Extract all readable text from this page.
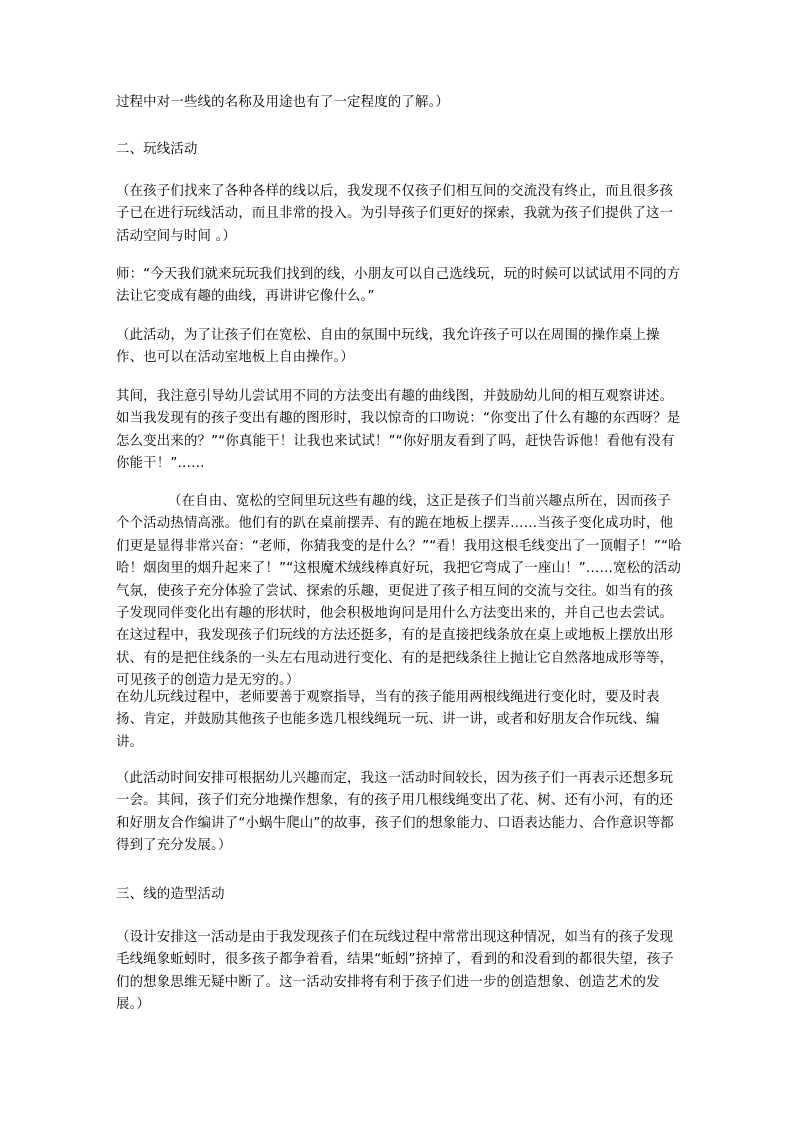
过程中对一些线的名称及用途也有了一定程度的了解。）

二、玩线活动

（在孩子们找来了各种各样的线以后，我发现不仅孩子们相互间的交流没有终止，而且很多孩子已在进行玩线活动，而且非常的投入。为引导孩子们更好的探索，我就为孩子们提供了这一活动空间与时间 。）

师：“今天我们就来玩玩我们找到的线，小朋友可以自己选线玩，玩的时候可以试试用不同的方法让它变成有趣的曲线，再讲讲它像什么。”

（此活动，为了让孩子们在宽松、自由的氛围中玩线，我允许孩子可以在周围的操作桌上操作、也可以在活动室地板上自由操作。）

其间，我注意引导幼儿尝试用不同的方法变出有趣的曲线图，并鼓励幼儿间的相互观察讲述。如当我发现有的孩子变出有趣的图形时，我以惊奇的口吻说：“你变出了什么有趣的东西呀？是怎么变出来的？”“你真能干！让我也来试试！”“你好朋友看到了吗，赶快告诉他！看他有没有你能干！”……

（在自由、宽松的空间里玩这些有趣的线，这正是孩子们当前兴趣点所在，因而孩子个个活动热情高涨。他们有的趴在桌前摆弄、有的跪在地板上摆弄……当孩子变化成功时，他们更是显得非常兴奋：“老师，你猜我变的是什么？”“看！我用这根毛线变出了一顶帽子！”“哈哈！烟囱里的烟升起来了！”“这根魔术绒线棒真好玩，我把它弯成了一座山！”……宽松的活动气氛，使孩子充分体验了尝试、探索的乐趣，更促进了孩子相互间的交流与交往。如当有的孩子发现同伴变化出有趣的形状时，他会积极地询问是用什么方法变出来的，并自己也去尝试。在这过程中，我发现孩子们玩线的方法还挺多，有的是直接把线条放在桌上或地板上摆放出形状、有的是把住线条的一头左右甩动进行变化、有的是把线条往上抛让它自然落地成形等等，可见孩子的创造力是无穷的。）

在幼儿玩线过程中，老师要善于观察指导，当有的孩子能用两根线绳进行变化时，要及时表扬、肯定，并鼓励其他孩子也能多选几根线绳玩一玩、讲一讲，或者和好朋友合作玩线、编讲。

（此活动时间安排可根据幼儿兴趣而定，我这一活动时间较长，因为孩子们一再表示还想多玩一会。其间，孩子们充分地操作想象，有的孩子用几根线绳变出了花、树、还有小河，有的还和好朋友合作编讲了“小蜗牛爬山”的故事，孩子们的想象能力、口语表达能力、合作意识等都得到了充分发展。）

三、线的造型活动

（设计安排这一活动是由于我发现孩子们在玩线过程中常常出现这种情况，如当有的孩子发现毛线绳象蚯蚓时，很多孩子都争着看，结果“蚯蚓”挤掉了，看到的和没看到的都很失望，孩子们的想象思维无疑中断了。这一活动安排将有利于孩子们进一步的创造想象、创造艺术的发展。）
